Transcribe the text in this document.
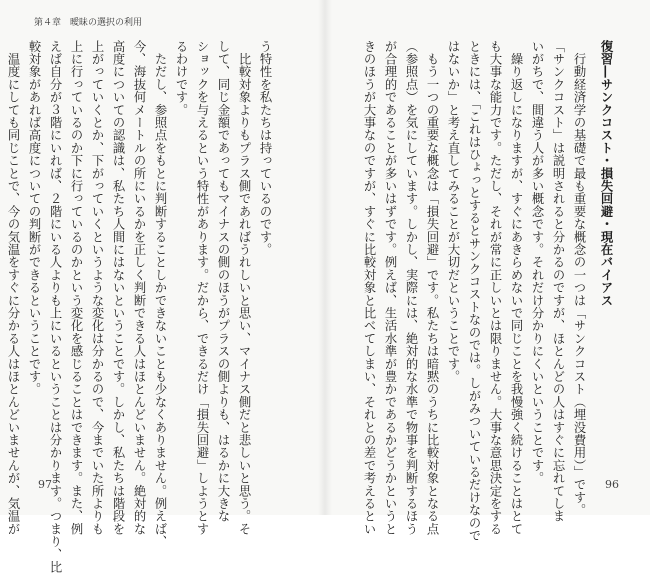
第４章　曖昧の選択の利用
う特性を私たちは持っているのです。
　比較対象よりもプラス側であればうれしいと思い、マイナス側だと悲しいと思う。そ
して、同じ金額であってもマイナスの側のほうがプラスの側よりも、はるかに大きな
ショックを与えるという特性があります。だから、できるだけ「損失回避」しようとす
るわけです。
　ただし、参照点をもとに判断することしかできないことも少なくありません。例えば、
今、海抜何メートルの所にいるかを正しく判断できる人はほとんどいません。絶対的な
高度についての認識は、私たち人間にはないということです。しかし、私たちは階段を
上がっていくとか、下がっていくというような変化は分かるので、今までいた所よりも
上に行っているのか下に行っているのかという変化を感じることはできます。また、例
えば自分が３階にいれば、２階にいる人よりも上にいるということは分かります。つまり、比
較対象があれば高度についての判断ができるということです。
　温度にしても同じことで、今の気温をすぐに分かる人はほとんどいませんが、気温が 97
復習―サンクコスト・損失回避・現在バイアス
　行動経済学の基礎で最も重要な概念の一つは「サンクコスト（埋没費用）」です。
「サンクコスト」は説明されると分かるのですが、ほとんどの人はすぐに忘れてしま
いがちで、間違う人が多い概念です。それだけ分かりにくいということです。
　繰り返しになりますが、すぐにあきらめないで同じことを我慢強く続けることはとて
も大事な能力です。ただし、それが常に正しいとは限りません。大事な意思決定をする
ときには、「これはひょっとするとサンクコストなのでは。しがみついているだけなので
はないか」と考え直してみることが大切だということです。
　もう一つの重要な概念は「損失回避」です。私たちは暗黙のうちに比較対象となる点
（参照点）を気にしています。しかし、実際には、絶対的な水準で物事を判断するほう
が合理的であることが多いはずです。例えば、生活水準が豊かであるかどうかというと
きのほうが大事なのですが、すぐに比較対象と比べてしまい、それとの差で考えるとい	96
